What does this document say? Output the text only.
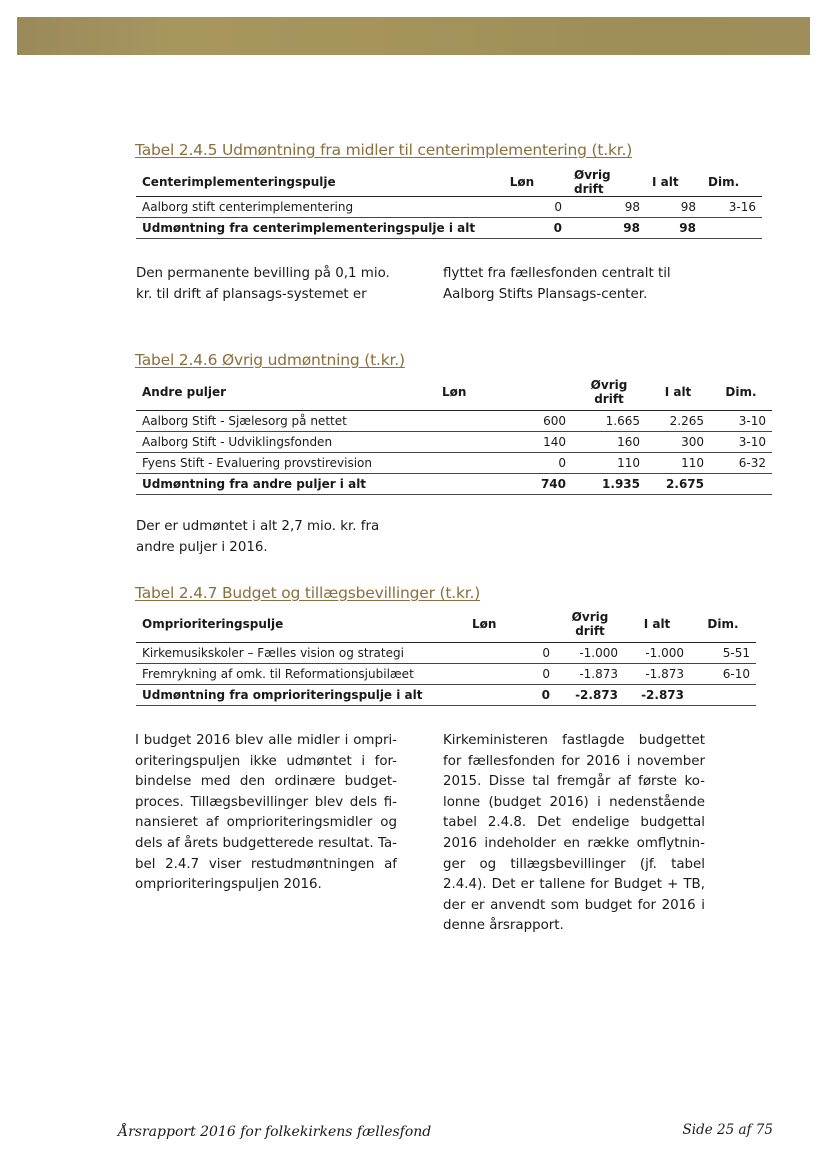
Tabel 2.4.5 Udmøntning fra midler til centerimplementering (t.kr.)
Centerimplementeringspulje	Løn	Øvrig drift	I alt	Dim.
Aalborg stift centerimplementering	0	98	98	3-16
Udmøntning fra centerimplementeringspulje i alt	0	98	98	
Den permanente bevilling på 0,1 mio. kr. til drift af plansags-systemet er
flyttet fra fællesfonden centralt til Aalborg Stifts Plansags-center.
Tabel 2.4.6 Øvrig udmøntning (t.kr.)
Andre puljer	Løn	Øvrig drift	I alt	Dim.
Aalborg Stift - Sjælesorg på nettet	600	1.665	2.265	3-10
Aalborg Stift - Udviklingsfonden	140	160	300	3-10
Fyens Stift - Evaluering provstirevision	0	110	110	6-32
Udmøntning fra andre puljer i alt	740	1.935	2.675	
Der er udmøntet i alt 2,7 mio. kr. fra andre puljer i 2016.
Tabel 2.4.7 Budget og tillægsbevillinger (t.kr.)
Omprioriteringspulje	Løn	Øvrig drift	I alt	Dim.
Kirkemusikskoler – Fælles vision og strategi	0	-1.000	-1.000	5-51
Fremrykning af omk. til Reformationsjubilæet	0	-1.873	-1.873	6-10
Udmøntning fra omprioriteringspulje i alt	0	-2.873	-2.873	
I budget 2016 blev alle midler i ompri-oriteringspuljen ikke udmøntet i for-bindelse med den ordinære budget-proces. Tillægsbevillinger blev dels fi-nansieret af omprioriteringsmidler og dels af årets budgetterede resultat. Ta-bel 2.4.7 viser restudmøntningen af omprioriteringspuljen 2016.
Kirkeministeren fastlagde budgettet for fællesfonden for 2016 i november 2015. Disse tal fremgår af første ko-lonne (budget 2016) i nedenstående tabel 2.4.8. Det endelige budgettal 2016 indeholder en række omflytnin-ger og tillægsbevillinger (jf. tabel 2.4.4). Det er tallene for Budget + TB, der er anvendt som budget for 2016 i denne årsrapport.
Årsrapport 2016 for folkekirkens fællesfond	Side 25 af 75
